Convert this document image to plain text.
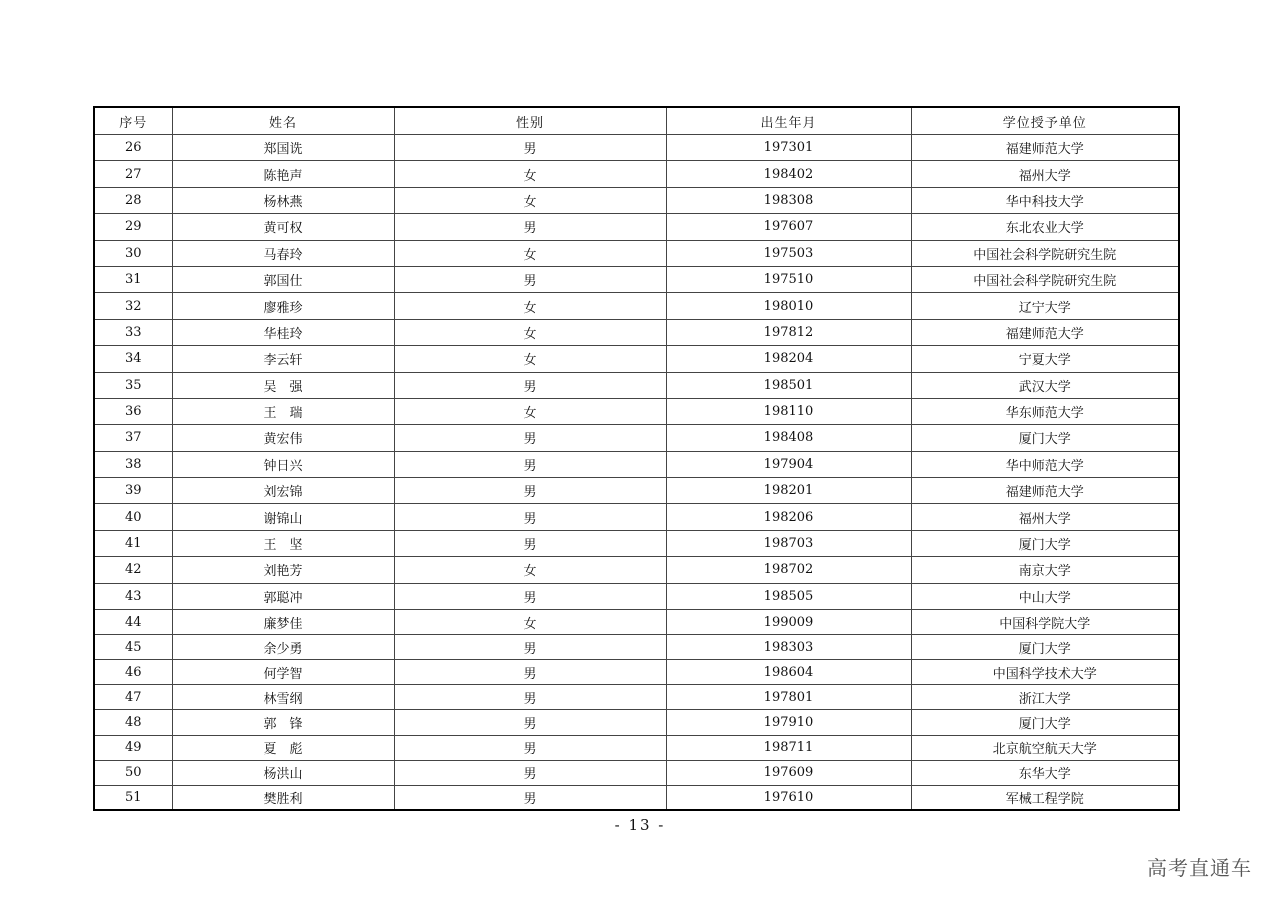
序号	姓名	性别	出生年月	学位授予单位
26	郑国诜	男	197301	福建师范大学
27	陈艳声	女	198402	福州大学
28	杨林燕	女	198308	华中科技大学
29	黄可权	男	197607	东北农业大学
30	马春玲	女	197503	中国社会科学院研究生院
31	郭国仕	男	197510	中国社会科学院研究生院
32	廖雅珍	女	198010	辽宁大学
33	华桂玲	女	197812	福建师范大学
34	李云轩	女	198204	宁夏大学
35	吴　强	男	198501	武汉大学
36	王　瑞	女	198110	华东师范大学
37	黄宏伟	男	198408	厦门大学
38	钟日兴	男	197904	华中师范大学
39	刘宏锦	男	198201	福建师范大学
40	谢锦山	男	198206	福州大学
41	王　坚	男	198703	厦门大学
42	刘艳芳	女	198702	南京大学
43	郭聪冲	男	198505	中山大学
44	廉梦佳	女	199009	中国科学院大学
45	余少勇	男	198303	厦门大学
46	何学智	男	198604	中国科学技术大学
47	林雪纲	男	197801	浙江大学
48	郭　锋	男	197910	厦门大学
49	夏　彪	男	198711	北京航空航天大学
50	杨洪山	男	197609	东华大学
51	樊胜利	男	197610	军械工程学院
- 13 -
高考直通车
